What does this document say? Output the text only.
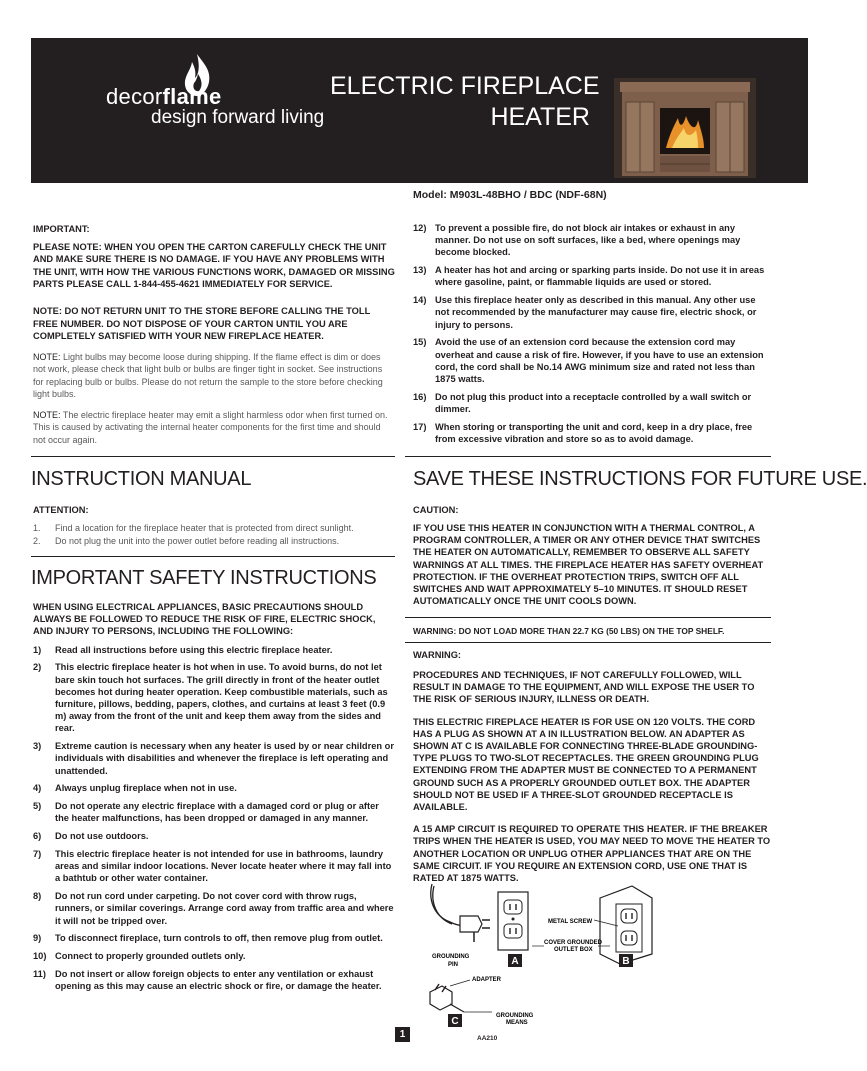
decorflame
design forward living
ELECTRIC FIREPLACE
HEATER
Model: M903L-48BHO / BDC (NDF-68N)
IMPORTANT:
PLEASE NOTE: WHEN YOU OPEN THE CARTON CAREFULLY CHECK THE UNIT AND MAKE SURE THERE IS NO DAMAGE. IF YOU HAVE ANY PROBLEMS WITH THE UNIT, WITH HOW THE VARIOUS FUNCTIONS WORK, DAMAGED OR MISSING PARTS PLEASE CALL 1-844-455-4621 IMMEDIATELY FOR SERVICE.
NOTE: DO NOT RETURN UNIT TO THE STORE BEFORE CALLING THE TOLL FREE NUMBER. DO NOT DISPOSE OF YOUR CARTON UNTIL YOU ARE COMPLETELY SATISFIED WITH YOUR NEW FIREPLACE HEATER.
NOTE: Light bulbs may become loose during shipping. If the flame effect is dim or does not work, please check that light bulb or bulbs are finger tight in socket. See instructions for replacing bulb or bulbs. Please do not return the sample to the store before checking light bulbs.
NOTE: The electric fireplace heater may emit a slight harmless odor when first turned on. This is caused by activating the internal heater components for the first time and should not occur again.
INSTRUCTION MANUAL
ATTENTION:
1.	Find a location for the fireplace heater that is protected from direct sunlight.
2.	Do not plug the unit into the power outlet before reading all instructions.
IMPORTANT SAFETY INSTRUCTIONS
WHEN USING ELECTRICAL APPLIANCES, BASIC PRECAUTIONS SHOULD ALWAYS BE FOLLOWED TO REDUCE THE RISK OF FIRE, ELECTRIC SHOCK, AND INJURY TO PERSONS, INCLUDING THE FOLLOWING:
1)	Read all instructions before using this electric fireplace heater.
2)	This electric fireplace heater is hot when in use. To avoid burns, do not let bare skin touch hot surfaces. The grill directly in front of the heater outlet becomes hot during heater operation. Keep combustible materials, such as furniture, pillows, bedding, papers, clothes, and curtains at least 3 feet (0.9 m) away from the front of the unit and keep them away from the sides and rear.
3)	Extreme caution is necessary when any heater is used by or near children or individuals with disabilities and whenever the fireplace is left operating and unattended.
4)	Always unplug fireplace when not in use.
5)	Do not operate any electric fireplace with a damaged cord or plug or after the heater malfunctions, has been dropped or damaged in any manner.
6)	Do not use outdoors.
7)	This electric fireplace heater is not intended for use in bathrooms, laundry areas and similar indoor locations. Never locate heater where it may fall into a bathtub or other water container.
8)	Do not run cord under carpeting. Do not cover cord with throw rugs, runners, or similar coverings. Arrange cord away from traffic area and where it will not be tripped over.
9)	To disconnect fireplace, turn controls to off, then remove plug from outlet.
10) Connect to properly grounded outlets only.
11) Do not insert or allow foreign objects to enter any ventilation or exhaust opening as this may cause an electric shock or fire, or damage the heater.
12) To prevent a possible fire, do not block air intakes or exhaust in any manner. Do not use on soft surfaces, like a bed, where openings may become blocked.
13) A heater has hot and arcing or sparking parts inside. Do not use it in areas where gasoline, paint, or flammable liquids are used or stored.
14) Use this fireplace heater only as described in this manual. Any other use not recommended by the manufacturer may cause fire, electric shock, or injury to persons.
15) Avoid the use of an extension cord because the extension cord may overheat and cause a risk of fire. However, if you have to use an extension cord, the cord shall be No.14 AWG minimum size and rated not less than 1875 watts.
16) Do not plug this product into a receptacle controlled by a wall switch or dimmer.
17) When storing or transporting the unit and cord, keep in a dry place, free from excessive vibration and store so as to avoid damage.
SAVE THESE INSTRUCTIONS FOR FUTURE USE.
CAUTION:
IF YOU USE THIS HEATER IN CONJUNCTION WITH A THERMAL CONTROL, A PROGRAM CONTROLLER, A TIMER OR ANY OTHER DEVICE THAT SWITCHES THE HEATER ON AUTOMATICALLY, REMEMBER TO OBSERVE ALL SAFETY WARNINGS AT ALL TIMES. THE FIREPLACE HEATER HAS SAFETY OVERHEAT PROTECTION. IF THE OVERHEAT PROTECTION TRIPS, SWITCH OFF ALL SWITCHES AND WAIT APPROXIMATELY 5–10 MINUTES. IT SHOULD RESET AUTOMATICALLY ONCE THE UNIT COOLS DOWN.
WARNING: DO NOT LOAD MORE THAN 22.7 KG (50 LBS) ON THE TOP SHELF.
WARNING:
PROCEDURES AND TECHNIQUES, IF NOT CAREFULLY FOLLOWED, WILL RESULT IN DAMAGE TO THE EQUIPMENT, AND WILL EXPOSE THE USER TO THE RISK OF SERIOUS INJURY, ILLNESS OR DEATH.
THIS ELECTRIC FIREPLACE HEATER IS FOR USE ON 120 VOLTS. THE CORD HAS A PLUG AS SHOWN AT A IN ILLUSTRATION BELOW. AN ADAPTER AS SHOWN AT C IS AVAILABLE FOR CONNECTING THREE-BLADE GROUNDING-TYPE PLUGS TO TWO-SLOT RECEPTACLES. THE GREEN GROUNDING PLUG EXTENDING FROM THE ADAPTER MUST BE CONNECTED TO A PERMANENT GROUND SUCH AS A PROPERLY GROUNDED OUTLET BOX. THE ADAPTER SHOULD NOT BE USED IF A THREE-SLOT GROUNDED RECEPTACLE IS AVAILABLE.
A 15 AMP CIRCUIT IS REQUIRED TO OPERATE THIS HEATER. IF THE BREAKER TRIPS WHEN THE HEATER IS USED, YOU MAY NEED TO MOVE THE HEATER TO ANOTHER LOCATION OR UNPLUG OTHER APPLIANCES THAT ARE ON THE SAME CIRCUIT. IF YOU REQUIRE AN EXTENSION CORD, USE ONE THAT IS RATED AT 1875 WATTS.
GROUNDING
PIN	A
METAL SCREW
COVER GROUNDED
OUTLET BOX
B
ADAPTER
GROUNDING
MEANS
C
AA210
1
